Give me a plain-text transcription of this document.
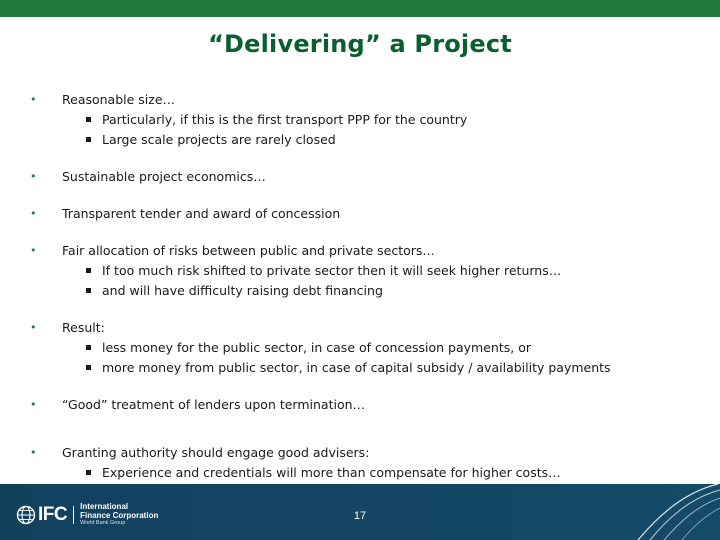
“Delivering” a Project
•	Reasonable size…
Particularly, if this is the first transport PPP for the country
Large scale projects are rarely closed
•	Sustainable project economics…
•	Transparent tender and award of concession
•	Fair allocation of risks between public and private sectors…
If too much risk shifted to private sector then it will seek higher returns…
and will have difficulty raising debt financing
•	Result:
less money for the public sector, in case of concession payments, or
more money from public sector, in case of capital subsidy / availability payments
•	“Good” treatment of lenders upon termination…
•	Granting authority should engage good advisers:
Experience and credentials will more than compensate for higher costs…
IFC International
Finance Corporation
World Bank Group
17
